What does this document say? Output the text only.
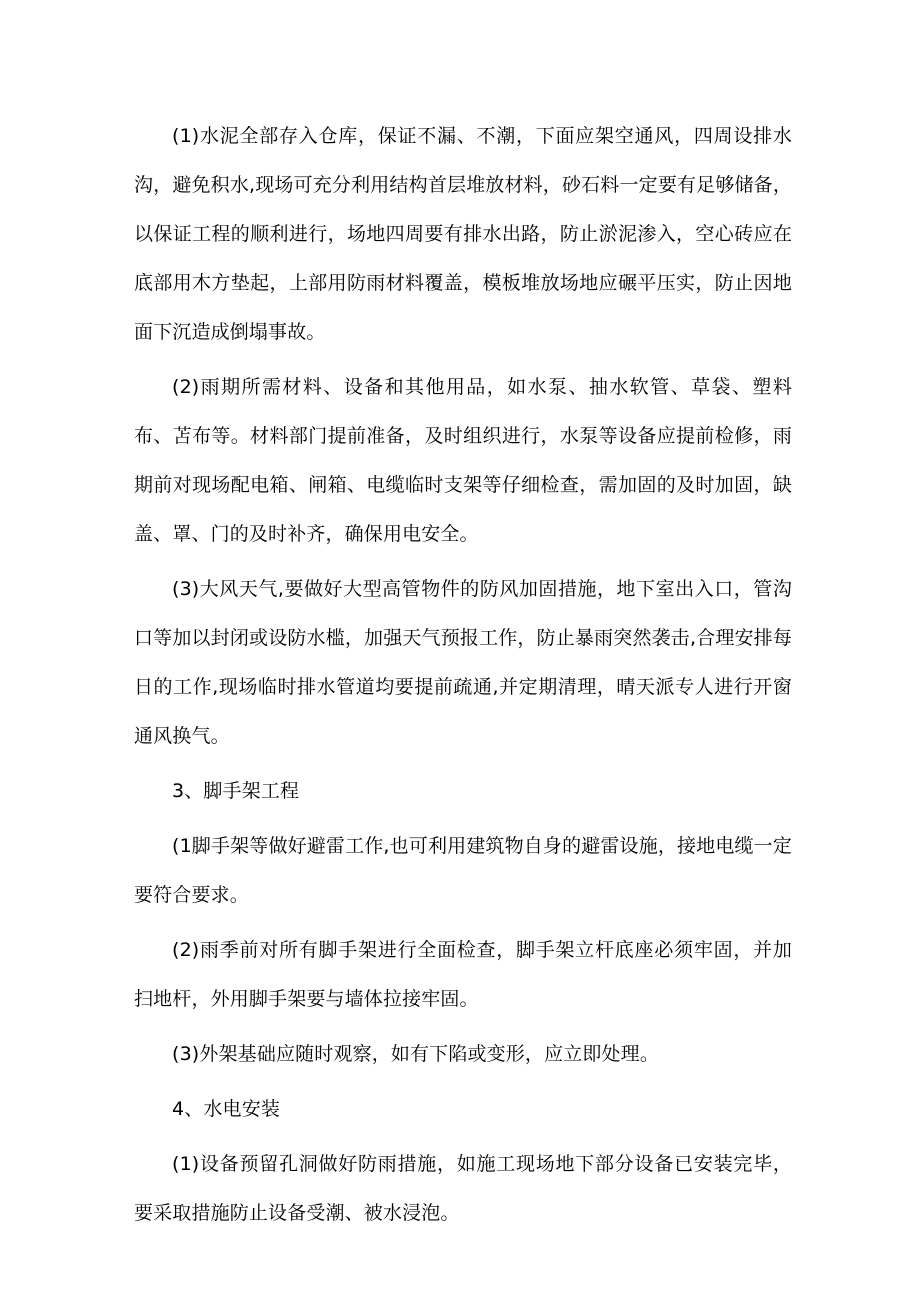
(1)水泥全部存入仓库，保证不漏、不潮，下面应架空通风，四周设排水沟，避免积水,现场可充分利用结构首层堆放材料，砂石料一定要有足够储备，以保证工程的顺利进行，场地四周要有排水出路，防止淤泥渗入，空心砖应在底部用木方垫起，上部用防雨材料覆盖，模板堆放场地应碾平压实，防止因地面下沉造成倒塌事故。

(2)雨期所需材料、设备和其他用品，如水泵、抽水软管、草袋、塑料布、苫布等。材料部门提前准备，及时组织进行，水泵等设备应提前检修，雨期前对现场配电箱、闸箱、电缆临时支架等仔细检查，需加固的及时加固，缺盖、罩、门的及时补齐，确保用电安全。

(3)大风天气,要做好大型高管物件的防风加固措施，地下室出入口，管沟口等加以封闭或设防水槛，加强天气预报工作，防止暴雨突然袭击,合理安排每日的工作,现场临时排水管道均要提前疏通,并定期清理，晴天派专人进行开窗通风换气。

3、脚手架工程

(1脚手架等做好避雷工作,也可利用建筑物自身的避雷设施，接地电缆一定要符合要求。

(2)雨季前对所有脚手架进行全面检查，脚手架立杆底座必须牢固，并加扫地杆，外用脚手架要与墙体拉接牢固。

(3)外架基础应随时观察，如有下陷或变形，应立即处理。

4、水电安装

(1)设备预留孔洞做好防雨措施，如施工现场地下部分设备已安装完毕，要采取措施防止设备受潮、被水浸泡。
